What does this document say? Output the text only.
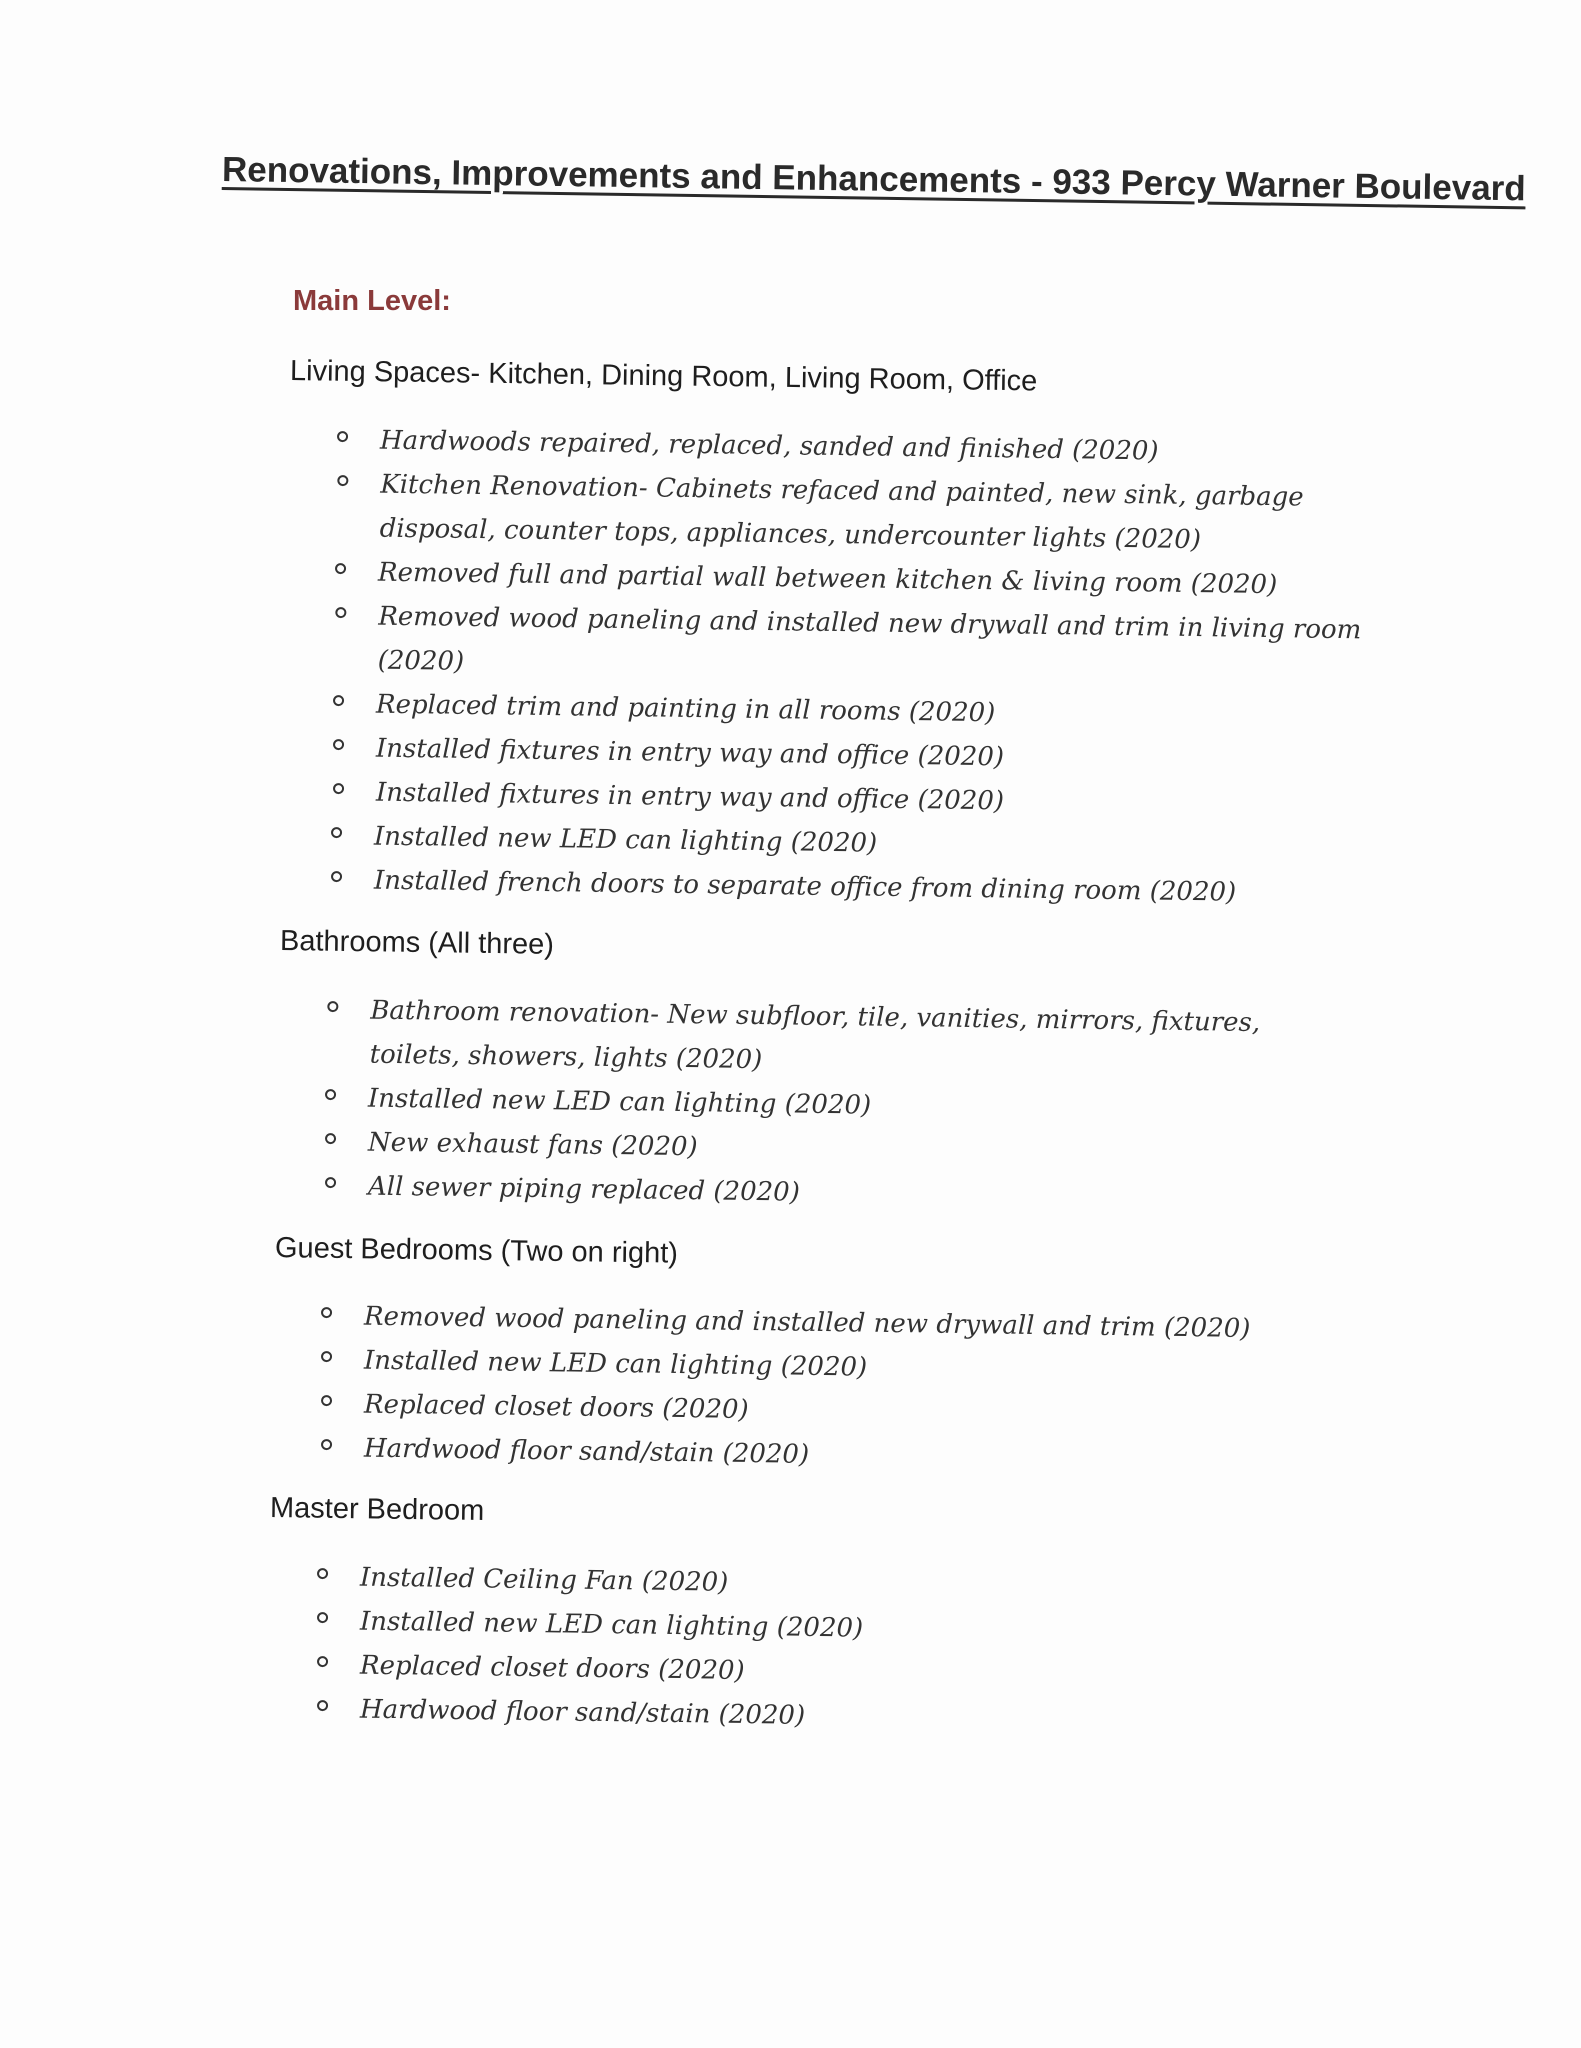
Renovations, Improvements and Enhancements - 933 Percy Warner Boulevard
Main Level:
Living Spaces- Kitchen, Dining Room, Living Room, Office
Hardwoods repaired, replaced, sanded and finished (2020)
Kitchen Renovation- Cabinets refaced and painted, new sink, garbage disposal, counter tops, appliances, undercounter lights (2020)
Removed full and partial wall between kitchen & living room (2020)
Removed wood paneling and installed new drywall and trim in living room (2020)
Replaced trim and painting in all rooms (2020)
Installed fixtures in entry way and office (2020)
Installed fixtures in entry way and office (2020)
Installed new LED can lighting (2020)
Installed french doors to separate office from dining room (2020)
Bathrooms (All three)
Bathroom renovation- New subfloor, tile, vanities, mirrors, fixtures, toilets, showers, lights (2020)
Installed new LED can lighting (2020)
New exhaust fans (2020)
All sewer piping replaced (2020)
Guest Bedrooms (Two on right)
Removed wood paneling and installed new drywall and trim (2020)
Installed new LED can lighting (2020)
Replaced closet doors (2020)
Hardwood floor sand/stain (2020)
Master Bedroom
Installed Ceiling Fan (2020)
Installed new LED can lighting (2020)
Replaced closet doors (2020)
Hardwood floor sand/stain (2020)
